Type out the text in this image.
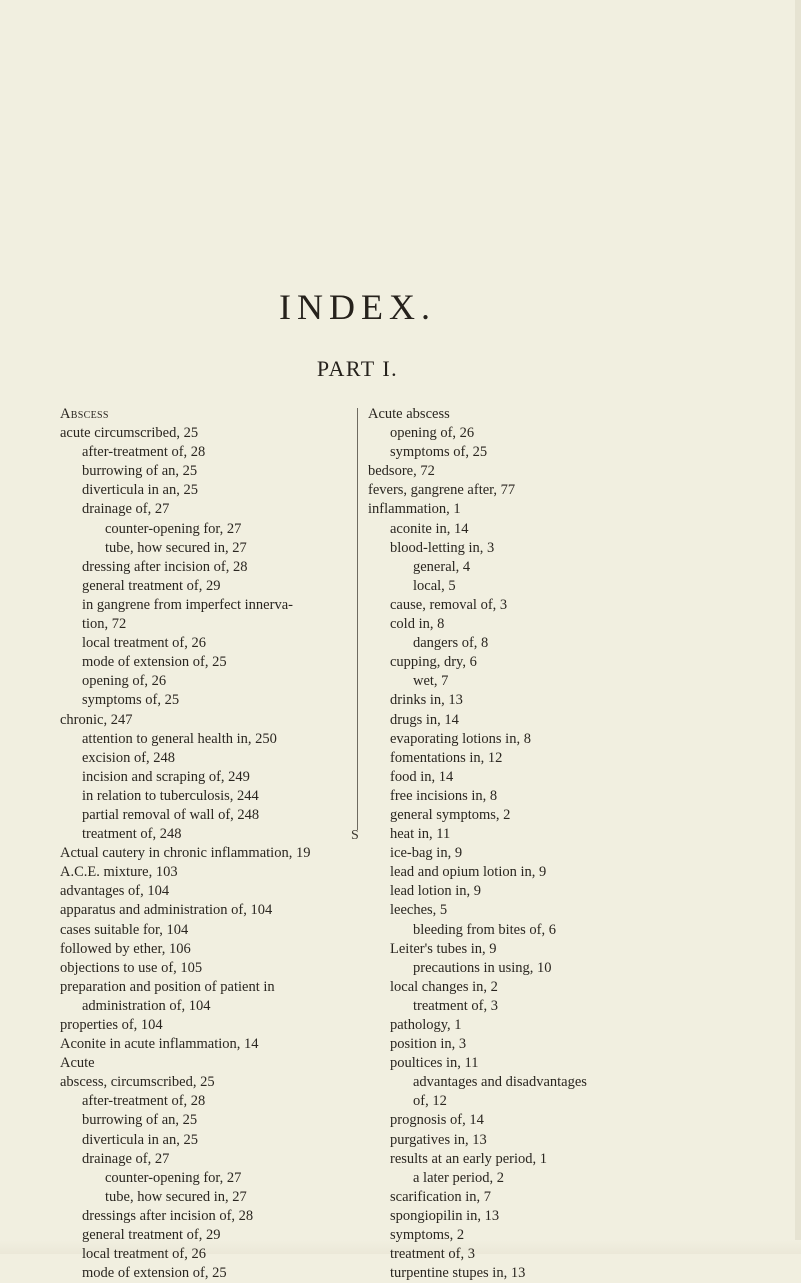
INDEX.
PART I.
Abscess
acute circumscribed, 25
after-treatment of, 28
burrowing of an, 25
diverticula in an, 25
drainage of, 27
counter-opening for, 27
tube, how secured in, 27
dressing after incision of, 28
general treatment of, 29
in gangrene from imperfect innerva-
tion, 72
local treatment of, 26
mode of extension of, 25
opening of, 26
symptoms of, 25
chronic, 247
attention to general health in, 250
excision of, 248
incision and scraping of, 249
in relation to tuberculosis, 244
partial removal of wall of, 248
treatment of, 248
Actual cautery in chronic inflammation, 19
A.C.E. mixture, 103
advantages of, 104
apparatus and administration of, 104
cases suitable for, 104
followed by ether, 106
objections to use of, 105
preparation and position of patient in
administration of, 104
properties of, 104
Aconite in acute inflammation, 14
Acute
abscess, circumscribed, 25
after-treatment of, 28
burrowing of an, 25
diverticula in an, 25
drainage of, 27
counter-opening for, 27
tube, how secured in, 27
dressings after incision of, 28
general treatment of, 29
local treatment of, 26
mode of extension of, 25
Acute abscess
opening of, 26
symptoms of, 25
bedsore, 72
fevers, gangrene after, 77
inflammation, 1
aconite in, 14
blood-letting in, 3
general, 4
local, 5
cause, removal of, 3
cold in, 8
dangers of, 8
cupping, dry, 6
wet, 7
drinks in, 13
drugs in, 14
evaporating lotions in, 8
fomentations in, 12
food in, 14
free incisions in, 8
general symptoms, 2
heat in, 11
ice-bag in, 9
lead and opium lotion in, 9
lead lotion in, 9
leeches, 5
bleeding from bites of, 6
Leiter's tubes in, 9
precautions in using, 10
local changes in, 2
treatment of, 3
pathology, 1
position in, 3
poultices in, 11
advantages and disadvantages
of, 12
prognosis of, 14
purgatives in, 13
results at an early period, 1
a later period, 2
scarification in, 7
spongiopilin in, 13
symptoms, 2
treatment of, 3
turpentine stupes in, 13
S
